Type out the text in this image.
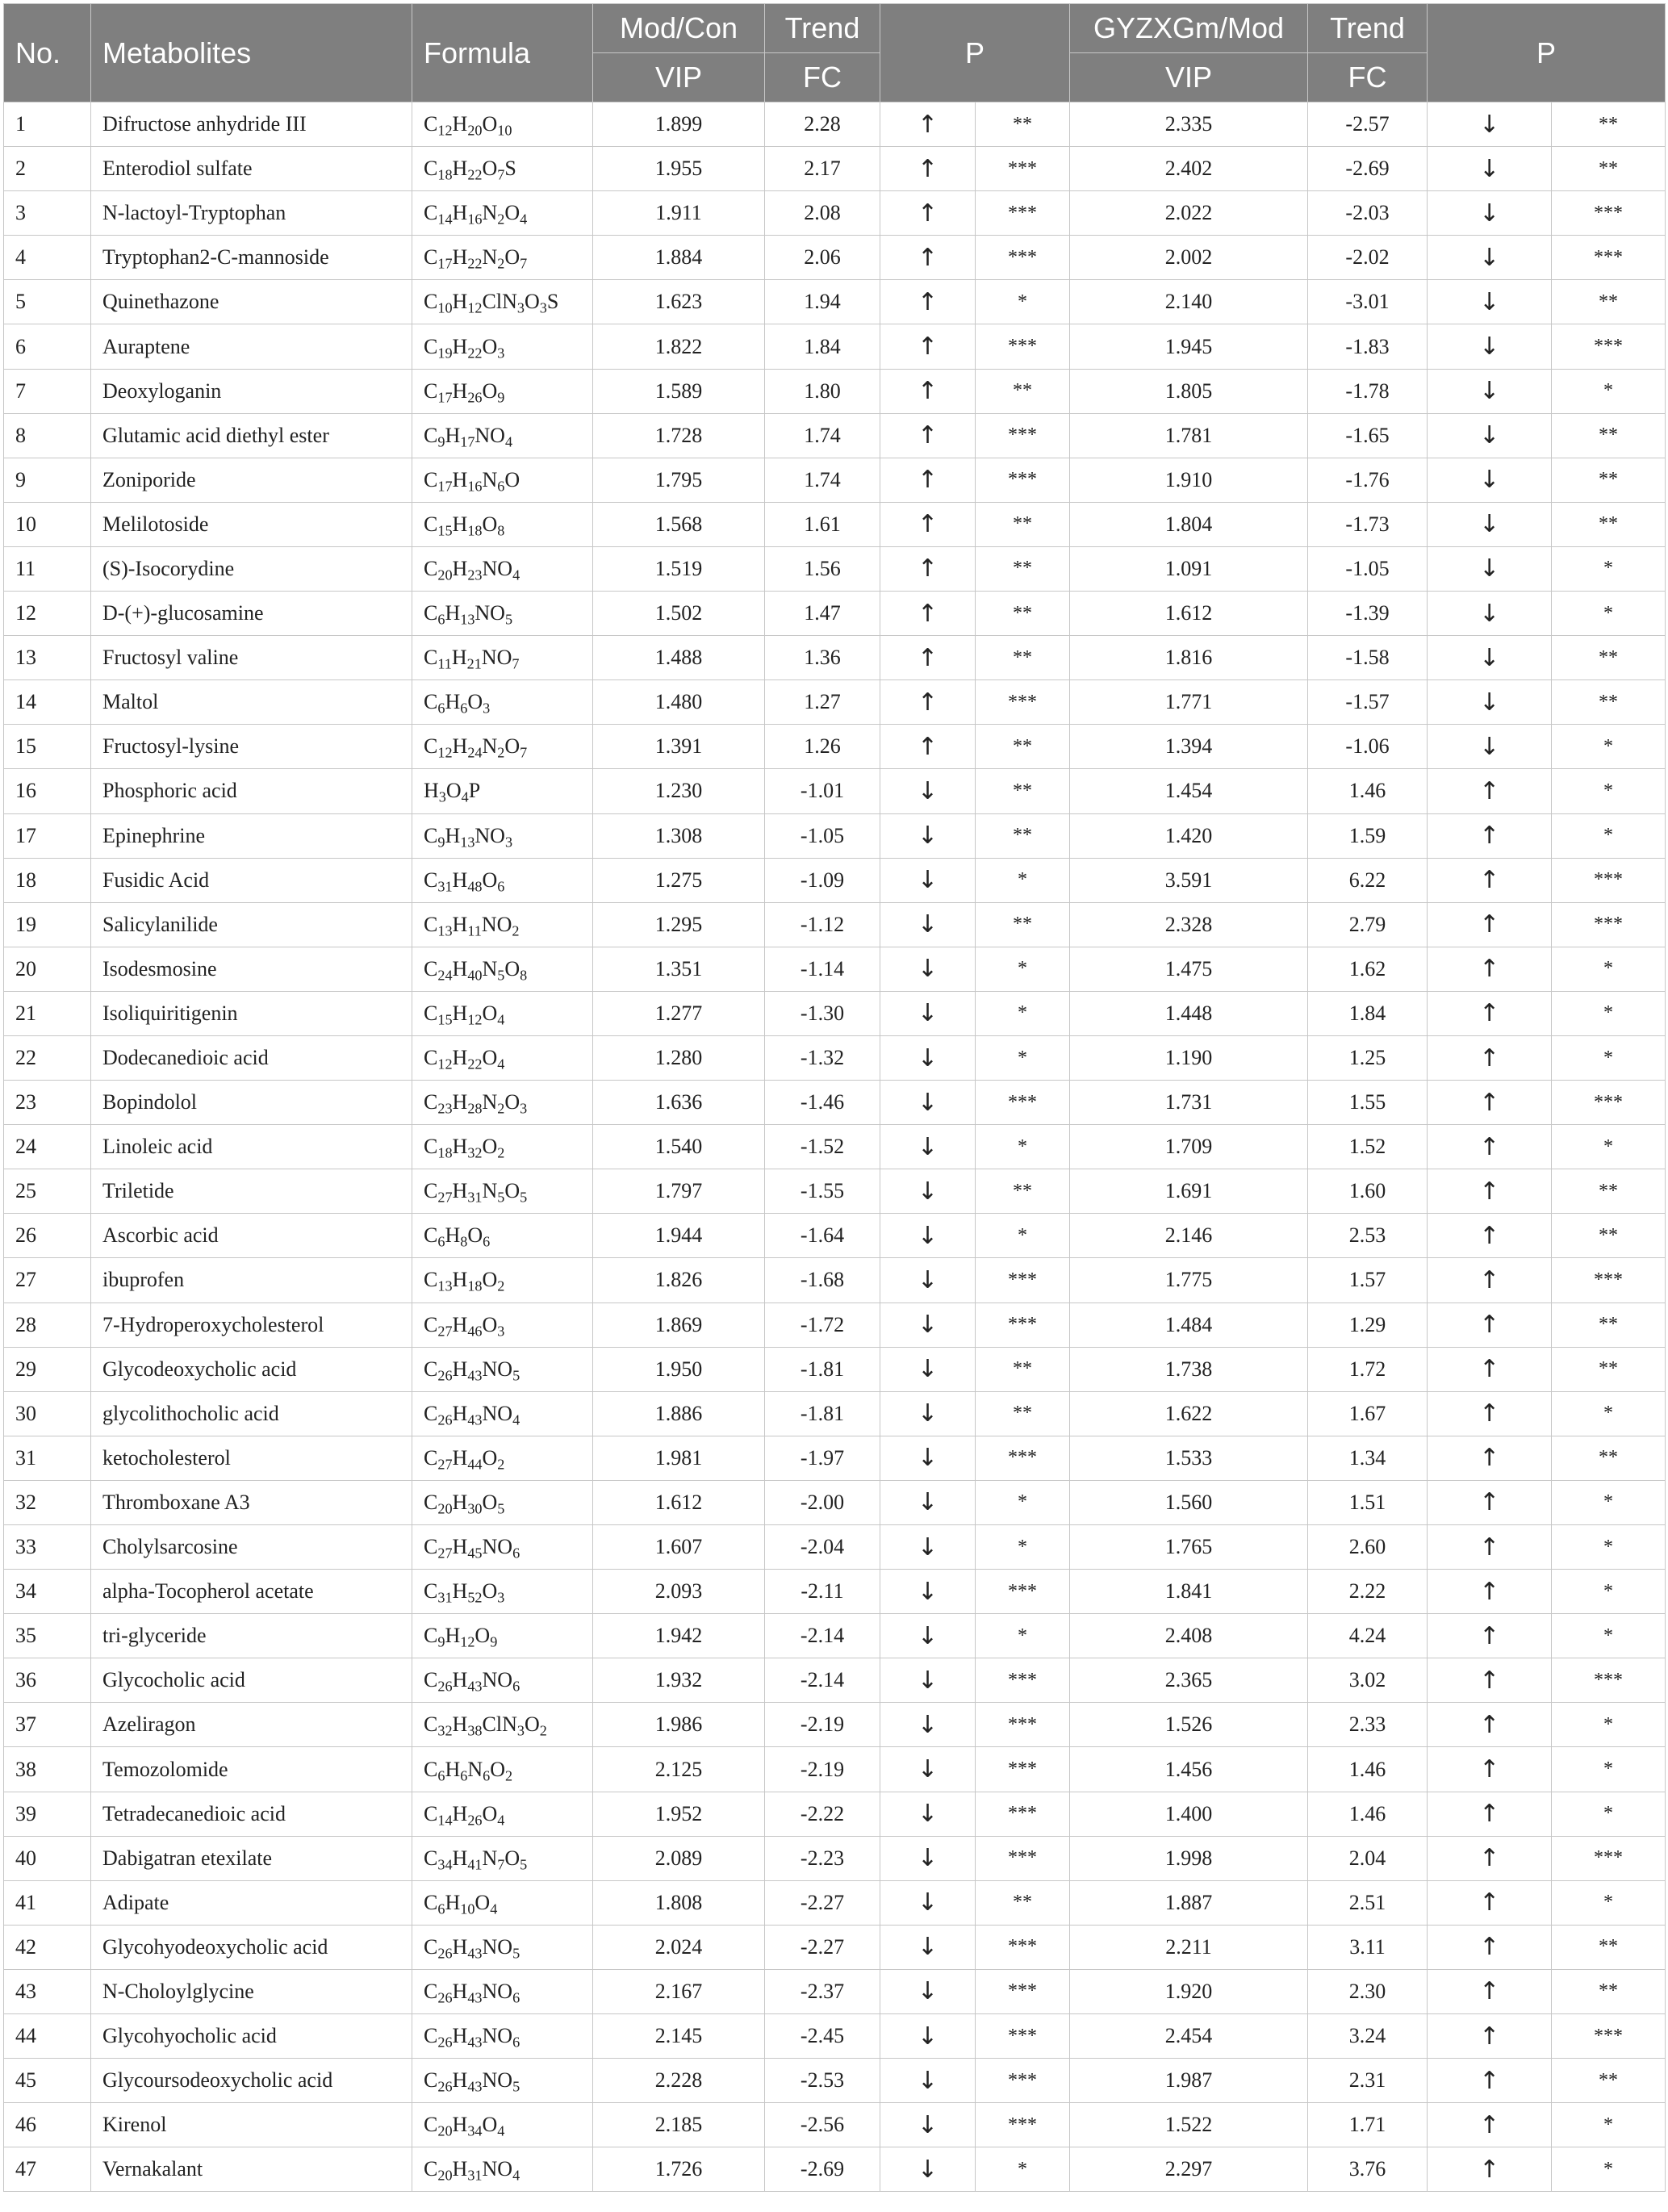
No.	Metabolites	Formula	Mod/Con	Trend	P		GYZXGm/Mod	Trend	P	
			VIP	FC			VIP	FC		
1	Difructose anhydride III	$C_{12}H_{20}O_{10}$	1.899	2.28	↑	**	2.335	-2.57	↓	**
2	Enterodiol sulfate	$C_{18}H_{22}O_7S$	1.955	2.17	↑	***	2.402	-2.69	↓	**
3	N-lactoyl-Tryptophan	$C_{14}H_{16}N_2O_4$	1.911	2.08	↑	***	2.022	-2.03	↓	***
4	Tryptophan2-C-mannoside	$C_{17}H_{22}N_2O_7$	1.884	2.06	↑	***	2.002	-2.02	↓	***
5	Quinethazone	$C_{10}H_{12}ClN_3O_3S$	1.623	1.94	↑	*	2.140	-3.01	↓	**
6	Auraptene	$C_{19}H_{22}O_3$	1.822	1.84	↑	***	1.945	-1.83	↓	***
7	Deoxyloganin	$C_{17}H_{26}O_9$	1.589	1.80	↑	**	1.805	-1.78	↓	*
8	Glutamic acid diethyl ester	$C_9H_{17}NO_4$	1.728	1.74	↑	***	1.781	-1.65	↓	**
9	Zoniporide	$C_{17}H_{16}N_6O$	1.795	1.74	↑	***	1.910	-1.76	↓	**
10	Melilotoside	$C_{15}H_{18}O_8$	1.568	1.61	↑	**	1.804	-1.73	↓	**
11	(S)-Isocorydine	$C_{20}H_{23}NO_4$	1.519	1.56	↑	**	1.091	-1.05	↓	*
12	D-(+)-glucosamine	$C_6H_{13}NO_5$	1.502	1.47	↑	**	1.612	-1.39	↓	*
13	Fructosyl valine	$C_{11}H_{21}NO_7$	1.488	1.36	↑	**	1.816	-1.58	↓	**
14	Maltol	$C_6H_6O_3$	1.480	1.27	↑	***	1.771	-1.57	↓	**
15	Fructosyl-lysine	$C_{12}H_{24}N_2O_7$	1.391	1.26	↑	**	1.394	-1.06	↓	*
16	Phosphoric acid	$H_3O_4P$	1.230	-1.01	↓	**	1.454	1.46	↑	*
17	Epinephrine	$C_9H_{13}NO_3$	1.308	-1.05	↓	**	1.420	1.59	↑	*
18	Fusidic Acid	$C_{31}H_{48}O_6$	1.275	-1.09	↓	*	3.591	6.22	↑	***
19	Salicylanilide	$C_{13}H_{11}NO_2$	1.295	-1.12	↓	**	2.328	2.79	↑	***
20	Isodesmosine	$C_{24}H_{40}N_5O_8$	1.351	-1.14	↓	*	1.475	1.62	↑	*
21	Isoliquiritigenin	$C_{15}H_{12}O_4$	1.277	-1.30	↓	*	1.448	1.84	↑	*
22	Dodecanedioic acid	$C_{12}H_{22}O_4$	1.280	-1.32	↓	*	1.190	1.25	↑	*
23	Bopindolol	$C_{23}H_{28}N_2O_3$	1.636	-1.46	↓	***	1.731	1.55	↑	***
24	Linoleic acid	$C_{18}H_{32}O_2$	1.540	-1.52	↓	*	1.709	1.52	↑	*
25	Triletide	$C_{27}H_{31}N_5O_5$	1.797	-1.55	↓	**	1.691	1.60	↑	**
26	Ascorbic acid	$C_6H_8O_6$	1.944	-1.64	↓	*	2.146	2.53	↑	**
27	ibuprofen	$C_{13}H_{18}O_2$	1.826	-1.68	↓	***	1.775	1.57	↑	***
28	7-Hydroperoxycholesterol	$C_{27}H_{46}O_3$	1.869	-1.72	↓	***	1.484	1.29	↑	**
29	Glycodeoxycholic acid	$C_{26}H_{43}NO_5$	1.950	-1.81	↓	**	1.738	1.72	↑	**
30	glycolithocholic acid	$C_{26}H_{43}NO_4$	1.886	-1.81	↓	**	1.622	1.67	↑	*
31	ketocholesterol	$C_{27}H_{44}O_2$	1.981	-1.97	↓	***	1.533	1.34	↑	**
32	Thromboxane A3	$C_{20}H_{30}O_5$	1.612	-2.00	↓	*	1.560	1.51	↑	*
33	Cholylsarcosine	$C_{27}H_{45}NO_6$	1.607	-2.04	↓	*	1.765	2.60	↑	*
34	alpha-Tocopherol acetate	$C_{31}H_{52}O_3$	2.093	-2.11	↓	***	1.841	2.22	↑	*
35	tri-glyceride	$C_9H_{12}O_9$	1.942	-2.14	↓	*	2.408	4.24	↑	*
36	Glycocholic acid	$C_{26}H_{43}NO_6$	1.932	-2.14	↓	***	2.365	3.02	↑	***
37	Azeliragon	$C_{32}H_{38}ClN_3O_2$	1.986	-2.19	↓	***	1.526	2.33	↑	*
38	Temozolomide	$C_6H_6N_6O_2$	2.125	-2.19	↓	***	1.456	1.46	↑	*
39	Tetradecanedioic acid	$C_{14}H_{26}O_4$	1.952	-2.22	↓	***	1.400	1.46	↑	*
40	Dabigatran etexilate	$C_{34}H_{41}N_7O_5$	2.089	-2.23	↓	***	1.998	2.04	↑	***
41	Adipate	$C_6H_{10}O_4$	1.808	-2.27	↓	**	1.887	2.51	↑	*
42	Glycohyodeoxycholic acid	$C_{26}H_{43}NO_5$	2.024	-2.27	↓	***	2.211	3.11	↑	**
43	N-Choloylglycine	$C_{26}H_{43}NO_6$	2.167	-2.37	↓	***	1.920	2.30	↑	**
44	Glycohyocholic acid	$C_{26}H_{43}NO_6$	2.145	-2.45	↓	***	2.454	3.24	↑	***
45	Glycoursodeoxycholic acid	$C_{26}H_{43}NO_5$	2.228	-2.53	↓	***	1.987	2.31	↑	**
46	Kirenol	$C_{20}H_{34}O_4$	2.185	-2.56	↓	***	1.522	1.71	↑	*
47	Vernakalant	$C_{20}H_{31}NO_4$	1.726	-2.69	↓	*	2.297	3.76	↑	*
